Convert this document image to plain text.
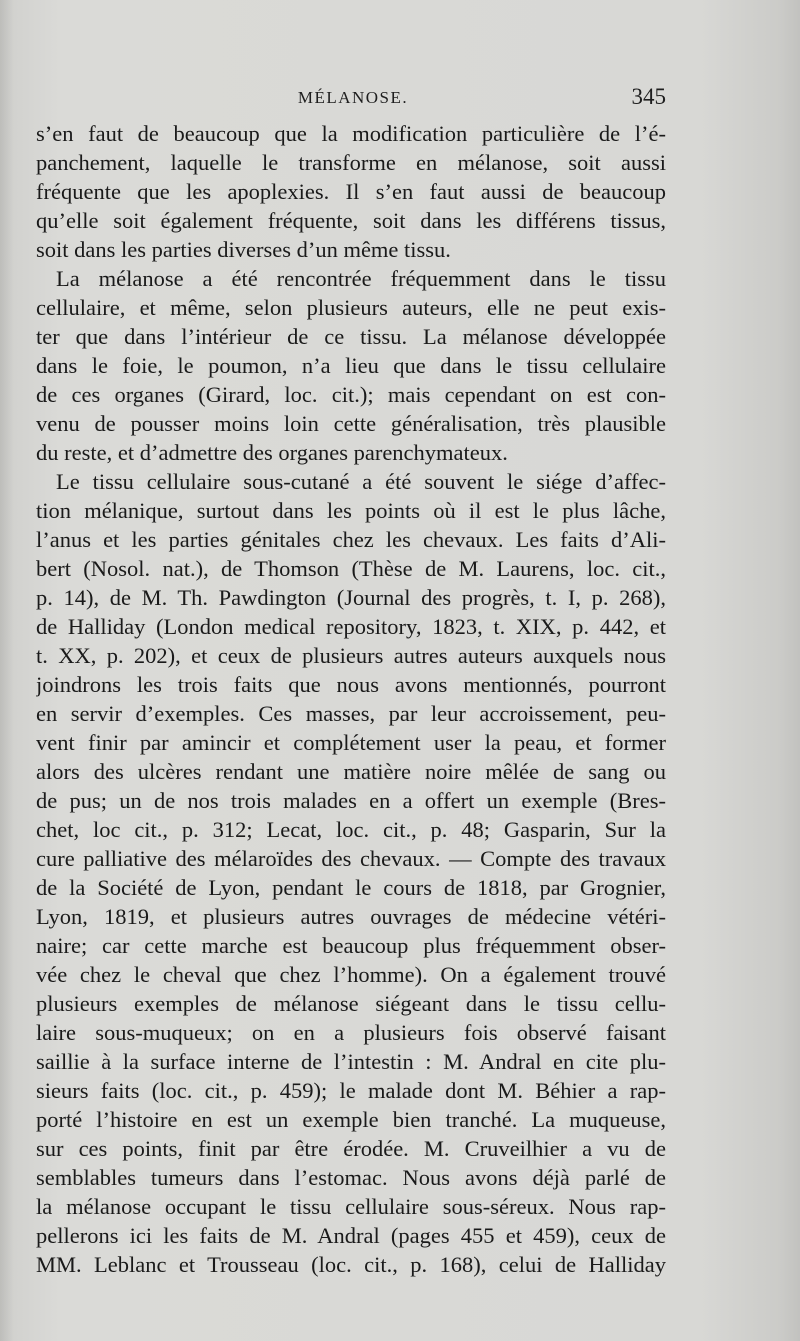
MÉLANOSE.	345
s’en faut de beaucoup que la modification particulière de l’é-
panchement, laquelle le transforme en mélanose, soit aussi
fréquente que les apoplexies. Il s’en faut aussi de beaucoup
qu’elle soit également fréquente, soit dans les différens tissus,
soit dans les parties diverses d’un même tissu.
La mélanose a été rencontrée fréquemment dans le tissu
cellulaire, et même, selon plusieurs auteurs, elle ne peut exis-
ter que dans l’intérieur de ce tissu. La mélanose développée
dans le foie, le poumon, n’a lieu que dans le tissu cellulaire
de ces organes (Girard, loc. cit.); mais cependant on est con-
venu de pousser moins loin cette généralisation, très plausible
du reste, et d’admettre des organes parenchymateux.
Le tissu cellulaire sous-cutané a été souvent le siége d’affec-
tion mélanique, surtout dans les points où il est le plus lâche,
l’anus et les parties génitales chez les chevaux. Les faits d’Ali-
bert (Nosol. nat.), de Thomson (Thèse de M. Laurens, loc. cit.,
p. 14), de M. Th. Pawdington (Journal des progrès, t. I, p. 268),
de Halliday (London medical repository, 1823, t. XIX, p. 442, et
t. XX, p. 202), et ceux de plusieurs autres auteurs auxquels nous
joindrons les trois faits que nous avons mentionnés, pourront
en servir d’exemples. Ces masses, par leur accroissement, peu-
vent finir par amincir et complétement user la peau, et former
alors des ulcères rendant une matière noire mêlée de sang ou
de pus; un de nos trois malades en a offert un exemple (Bres-
chet, loc cit., p. 312; Lecat, loc. cit., p. 48; Gasparin, Sur la
cure palliative des mélaroïdes des chevaux. — Compte des travaux
de la Société de Lyon, pendant le cours de 1818, par Grognier,
Lyon, 1819, et plusieurs autres ouvrages de médecine vétéri-
naire; car cette marche est beaucoup plus fréquemment obser-
vée chez le cheval que chez l’homme). On a également trouvé
plusieurs exemples de mélanose siégeant dans le tissu cellu-
laire sous-muqueux; on en a plusieurs fois observé faisant
saillie à la surface interne de l’intestin : M. Andral en cite plu-
sieurs faits (loc. cit., p. 459); le malade dont M. Béhier a rap-
porté l’histoire en est un exemple bien tranché. La muqueuse,
sur ces points, finit par être érodée. M. Cruveilhier a vu de
semblables tumeurs dans l’estomac. Nous avons déjà parlé de
la mélanose occupant le tissu cellulaire sous-séreux. Nous rap-
pellerons ici les faits de M. Andral (pages 455 et 459), ceux de
MM. Leblanc et Trousseau (loc. cit., p. 168), celui de Halliday
